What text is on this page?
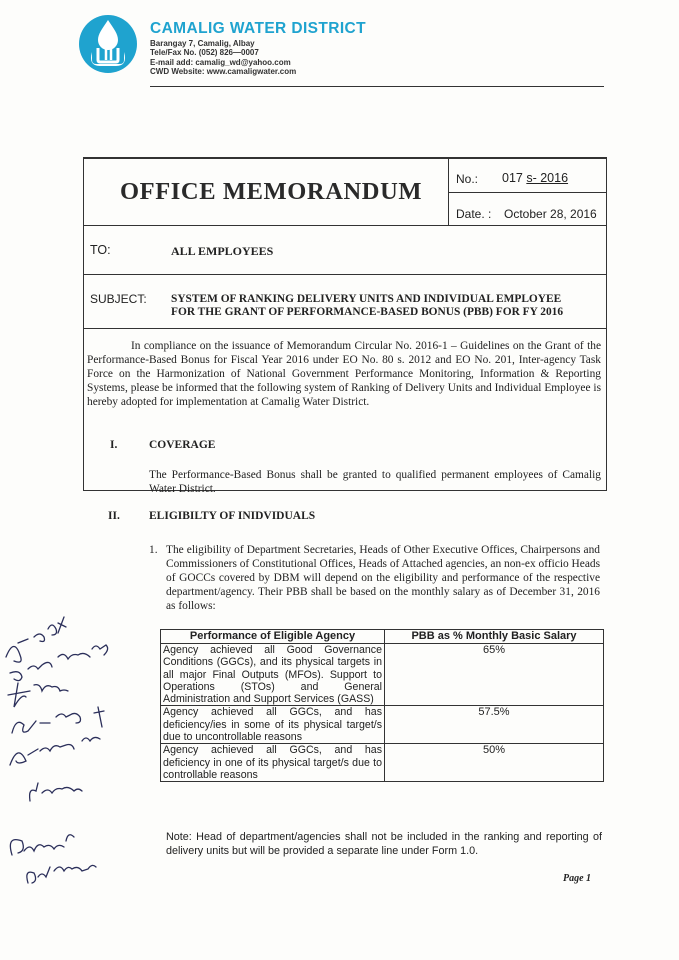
CAMALIG WATER DISTRICT
Barangay 7, Camalig, Albay
Tele/Fax No. (052) 826—0007
E-mail add: camalig_wd@yahoo.com
CWD Website: www.camaligwater.com
OFFICE MEMORANDUM	No.: 017 s- 2016
Date. : October 28, 2016
TO:	ALL EMPLOYEES
SUBJECT: SYSTEM OF RANKING DELIVERY UNITS AND INDIVIDUAL EMPLOYEE FOR THE GRANT OF PERFORMANCE-BASED BONUS (PBB) FOR FY 2016

In compliance on the issuance of Memorandum Circular No. 2016-1 – Guidelines on the Grant of the Performance-Based Bonus for Fiscal Year 2016 under EO No. 80 s. 2012 and EO No. 201, Inter-agency Task Force on the Harmonization of National Government Performance Monitoring, Information & Reporting Systems, please be informed that the following system of Ranking of Delivery Units and Individual Employee is hereby adopted for implementation at Camalig Water District.

I.	COVERAGE

The Performance-Based Bonus shall be granted to qualified permanent employees of Camalig Water District.

II.	ELIGIBILTY OF INIDVIDUALS

1. The eligibility of Department Secretaries, Heads of Other Executive Offices, Chairpersons and Commissioners of Constitutional Offices, Heads of Attached agencies, an non-ex officio Heads of GOCCs covered by DBM will depend on the eligibility and performance of the respective department/agency. Their PBB shall be based on the monthly salary as of December 31, 2016 as follows:

Performance of Eligible Agency	PBB as % Monthly Basic Salary
Agency achieved all Good Governance Conditions (GGCs), and its physical targets in all major Final Outputs (MFOs). Support to Operations (STOs) and General Administration and Support Services (GASS)	65%
Agency achieved all GGCs, and has deficiency/ies in some of its physical target/s due to uncontrollable reasons	57.5%
Agency achieved all GGCs, and has deficiency in one of its physical target/s due to controllable reasons	50%

Note: Head of department/agencies shall not be included in the ranking and reporting of delivery units but will be provided a separate line under Form 1.0.

Page 1
